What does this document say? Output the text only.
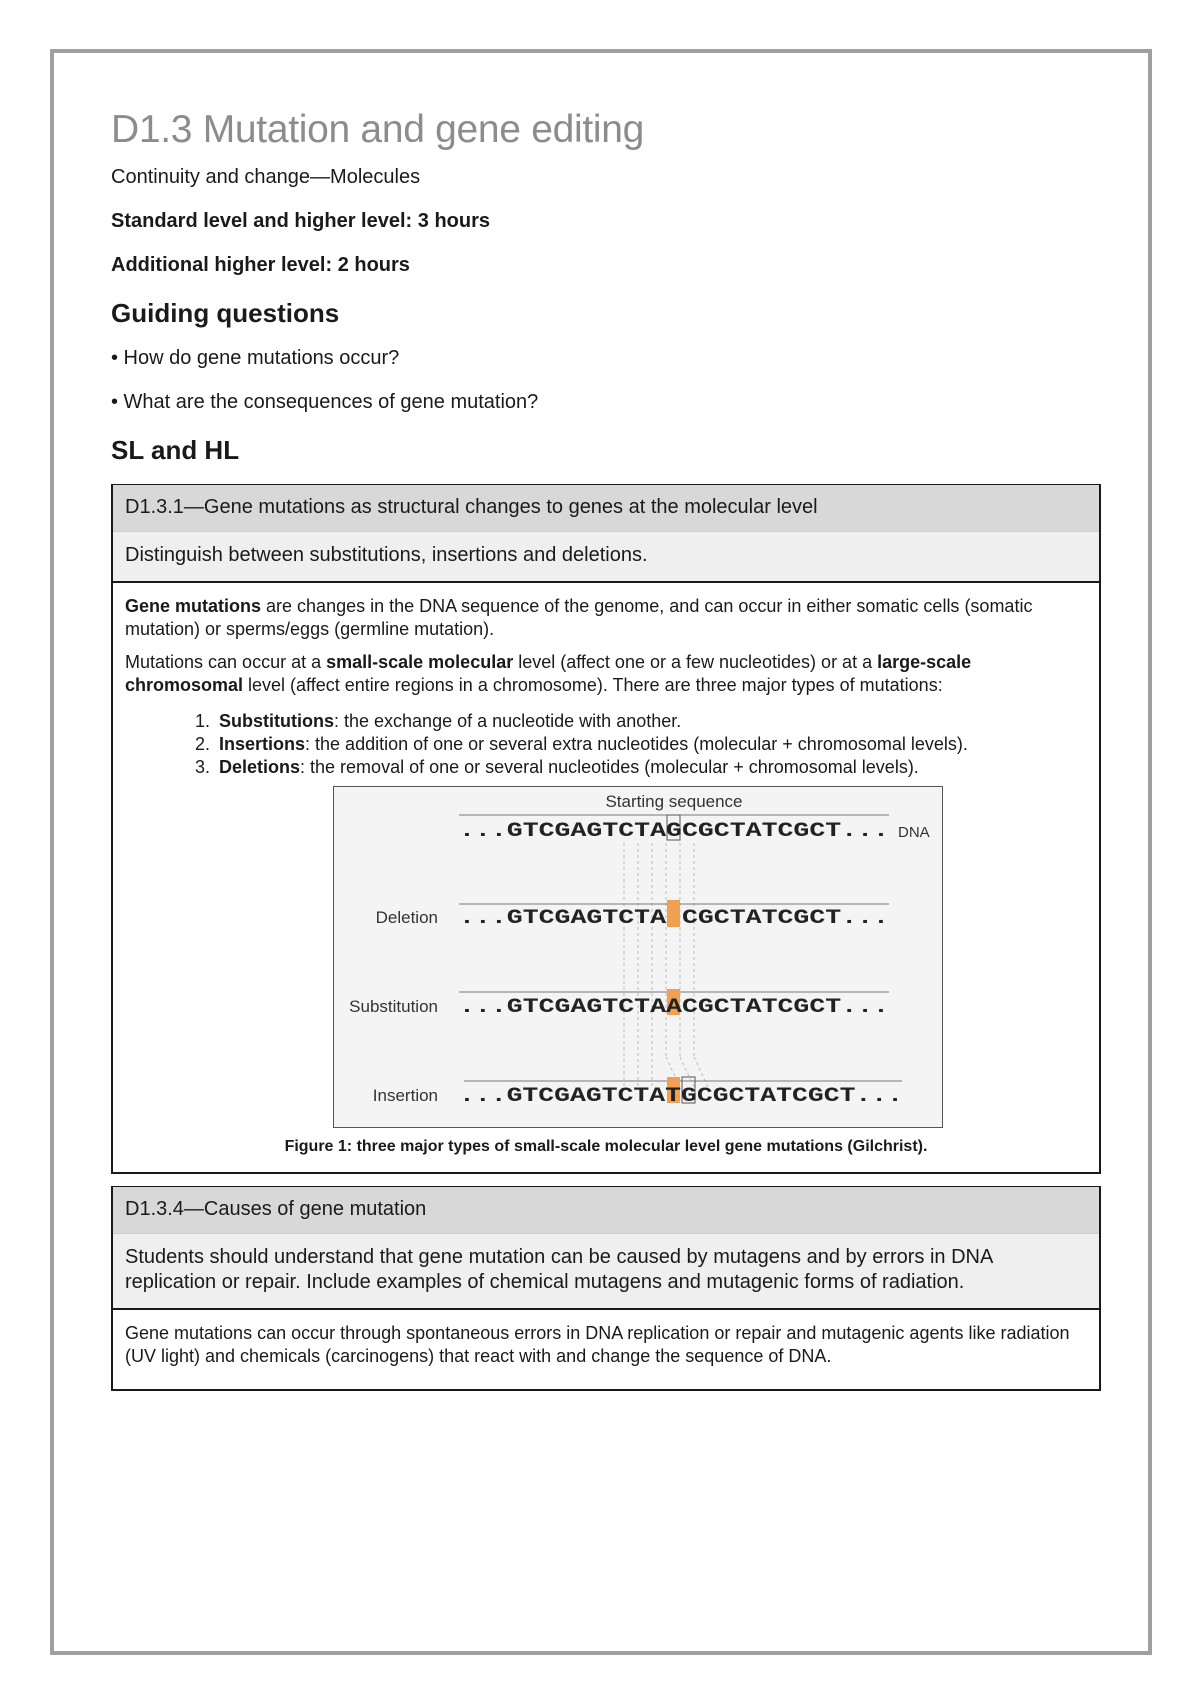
D1.3 Mutation and gene editing

Continuity and change—Molecules

Standard level and higher level: 3 hours

Additional higher level: 2 hours

Guiding questions

• How do gene mutations occur?

• What are the consequences of gene mutation?

SL and HL
D1.3.1—Gene mutations as structural changes to genes at the molecular level
Distinguish between substitutions, insertions and deletions.

Gene mutations are changes in the DNA sequence of the genome, and can occur in either somatic cells (somatic mutation) or sperms/eggs (germline mutation).

Mutations can occur at a small-scale molecular level (affect one or a few nucleotides) or at a large-scale chromosomal level (affect entire regions in a chromosome). There are three major types of mutations:

1. Substitutions: the exchange of a nucleotide with another.
2. Insertions: the addition of one or several extra nucleotides (molecular + chromosomal levels).
3. Deletions: the removal of one or several nucleotides (molecular + chromosomal levels).
Starting sequence
DNA
Deletion
Substitution
Insertion
...GTCGAGTCTAGCGCTATCGCT...
...GTCGAGTCTA CGCTATCGCT...
...GTCGAGTCTAACGCTATCGCT...
...GTCGAGTCTATGCGCTATCGCT...
Figure 1: three major types of small-scale molecular level gene mutations (Gilchrist).
D1.3.4—Causes of gene mutation
Students should understand that gene mutation can be caused by mutagens and by errors in DNA replication or repair. Include examples of chemical mutagens and mutagenic forms of radiation.

Gene mutations can occur through spontaneous errors in DNA replication or repair and mutagenic agents like radiation (UV light) and chemicals (carcinogens) that react with and change the sequence of DNA.
